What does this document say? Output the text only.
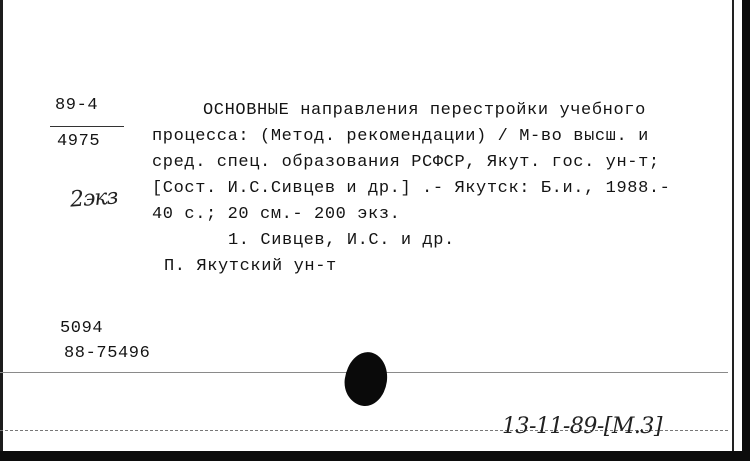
89-4
4975
ОСНОВНЫЕ направления перестройки учебного
процесса: (Метод. рекомендации) / М-во высш. и
сред. спец. образования РСФСР, Якут. гос. ун-т;
[Сост. И.С.Сивцев и др.] .- Якутск: Б.и., 1988.-
40 с.; 20 см.- 200 экз.
1. Сивцев, И.С. и др.
П. Якутский ун-т
5094
88-75496
2экз
13-11-89-[М.3]
